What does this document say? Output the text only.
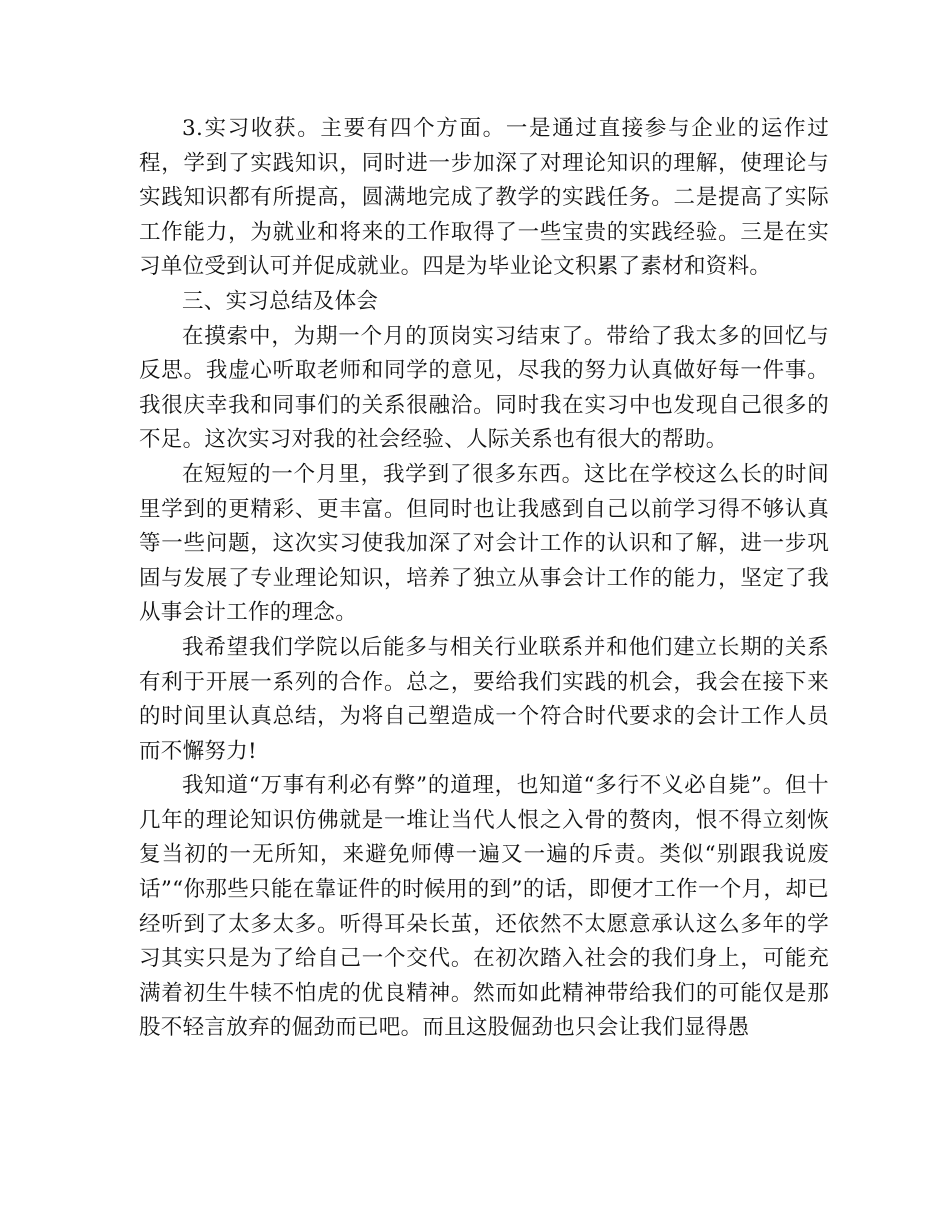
3.实习收获。主要有四个方面。一是通过直接参与企业的运作过程，学到了实践知识，同时进一步加深了对理论知识的理解，使理论与实践知识都有所提高，圆满地完成了教学的实践任务。二是提高了实际工作能力，为就业和将来的工作取得了一些宝贵的实践经验。三是在实习单位受到认可并促成就业。四是为毕业论文积累了素材和资料。

三、实习总结及体会

在摸索中，为期一个月的顶岗实习结束了。带给了我太多的回忆与反思。我虚心听取老师和同学的意见，尽我的努力认真做好每一件事。我很庆幸我和同事们的关系很融洽。同时我在实习中也发现自己很多的不足。这次实习对我的社会经验、人际关系也有很大的帮助。

在短短的一个月里，我学到了很多东西。这比在学校这么长的时间里学到的更精彩、更丰富。但同时也让我感到自己以前学习得不够认真等一些问题，这次实习使我加深了对会计工作的认识和了解，进一步巩固与发展了专业理论知识，培养了独立从事会计工作的能力，坚定了我从事会计工作的理念。

我希望我们学院以后能多与相关行业联系并和他们建立长期的关系有利于开展一系列的合作。总之，要给我们实践的机会，我会在接下来的时间里认真总结，为将自己塑造成一个符合时代要求的会计工作人员而不懈努力!

我知道“万事有利必有弊”的道理，也知道“多行不义必自毙”。但十几年的理论知识仿佛就是一堆让当代人恨之入骨的赘肉，恨不得立刻恢复当初的一无所知，来避免师傅一遍又一遍的斥责。类似“别跟我说废话”“你那些只能在靠证件的时候用的到”的话，即便才工作一个月，却已经听到了太多太多。听得耳朵长茧，还依然不太愿意承认这么多年的学习其实只是为了给自己一个交代。在初次踏入社会的我们身上，可能充满着初生牛犊不怕虎的优良精神。然而如此精神带给我们的可能仅是那股不轻言放弃的倔劲而已吧。而且这股倔劲也只会让我们显得愚
